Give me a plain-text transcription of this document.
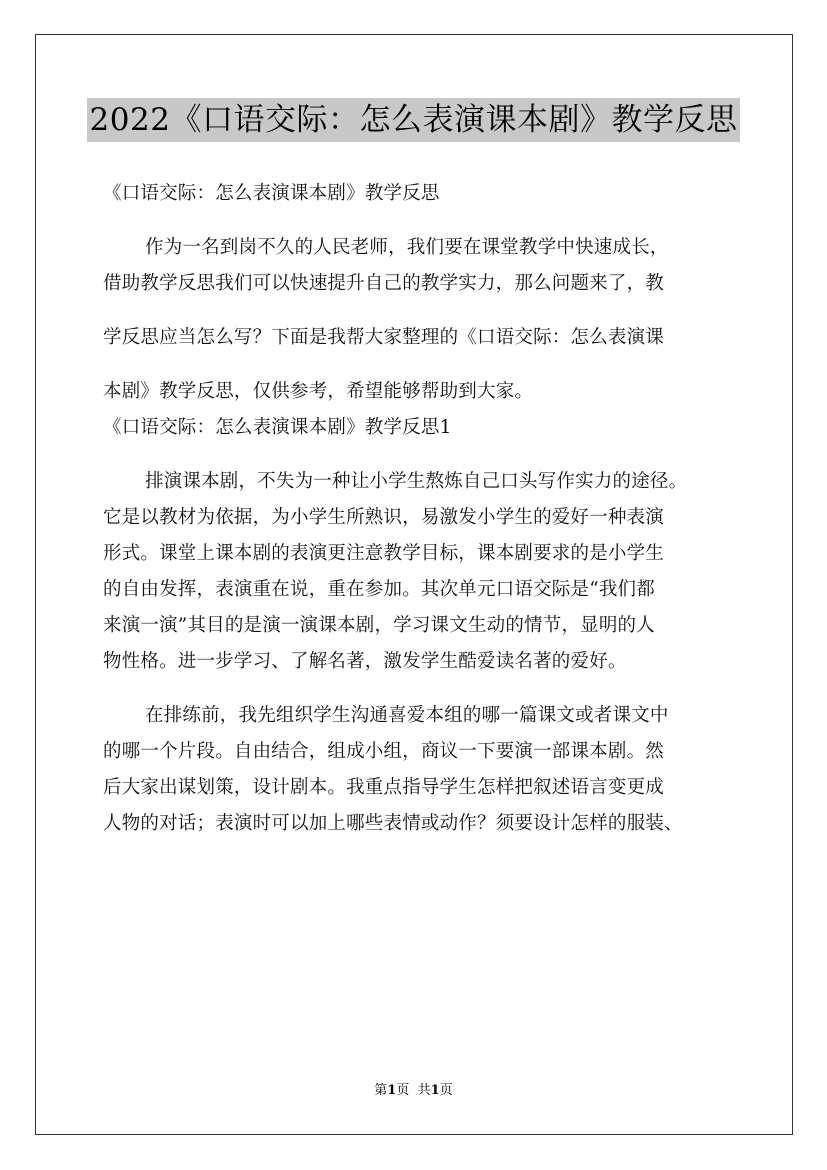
2022《口语交际：怎么表演课本剧》教学反思
《口语交际：怎么表演课本剧》教学反思
作为一名到岗不久的人民老师，我们要在课堂教学中快速成长，
借助教学反思我们可以快速提升自己的教学实力，那么问题来了，教
学反思应当怎么写？下面是我帮大家整理的《口语交际：怎么表演课
本剧》教学反思，仅供参考，希望能够帮助到大家。
《口语交际：怎么表演课本剧》教学反思1
排演课本剧，不失为一种让小学生熬炼自己口头写作实力的途径。
它是以教材为依据，为小学生所熟识，易激发小学生的爱好一种表演
形式。课堂上课本剧的表演更注意教学目标，课本剧要求的是小学生
的自由发挥，表演重在说，重在参加。其次单元口语交际是“我们都
来演一演”其目的是演一演课本剧，学习课文生动的情节，显明的人
物性格。进一步学习、了解名著，激发学生酷爱读名著的爱好。
在排练前，我先组织学生沟通喜爱本组的哪一篇课文或者课文中
的哪一个片段。自由结合，组成小组，商议一下要演一部课本剧。然
后大家出谋划策，设计剧本。我重点指导学生怎样把叙述语言变更成
人物的对话；表演时可以加上哪些表情或动作？须要设计怎样的服装、
第1页 共1页
